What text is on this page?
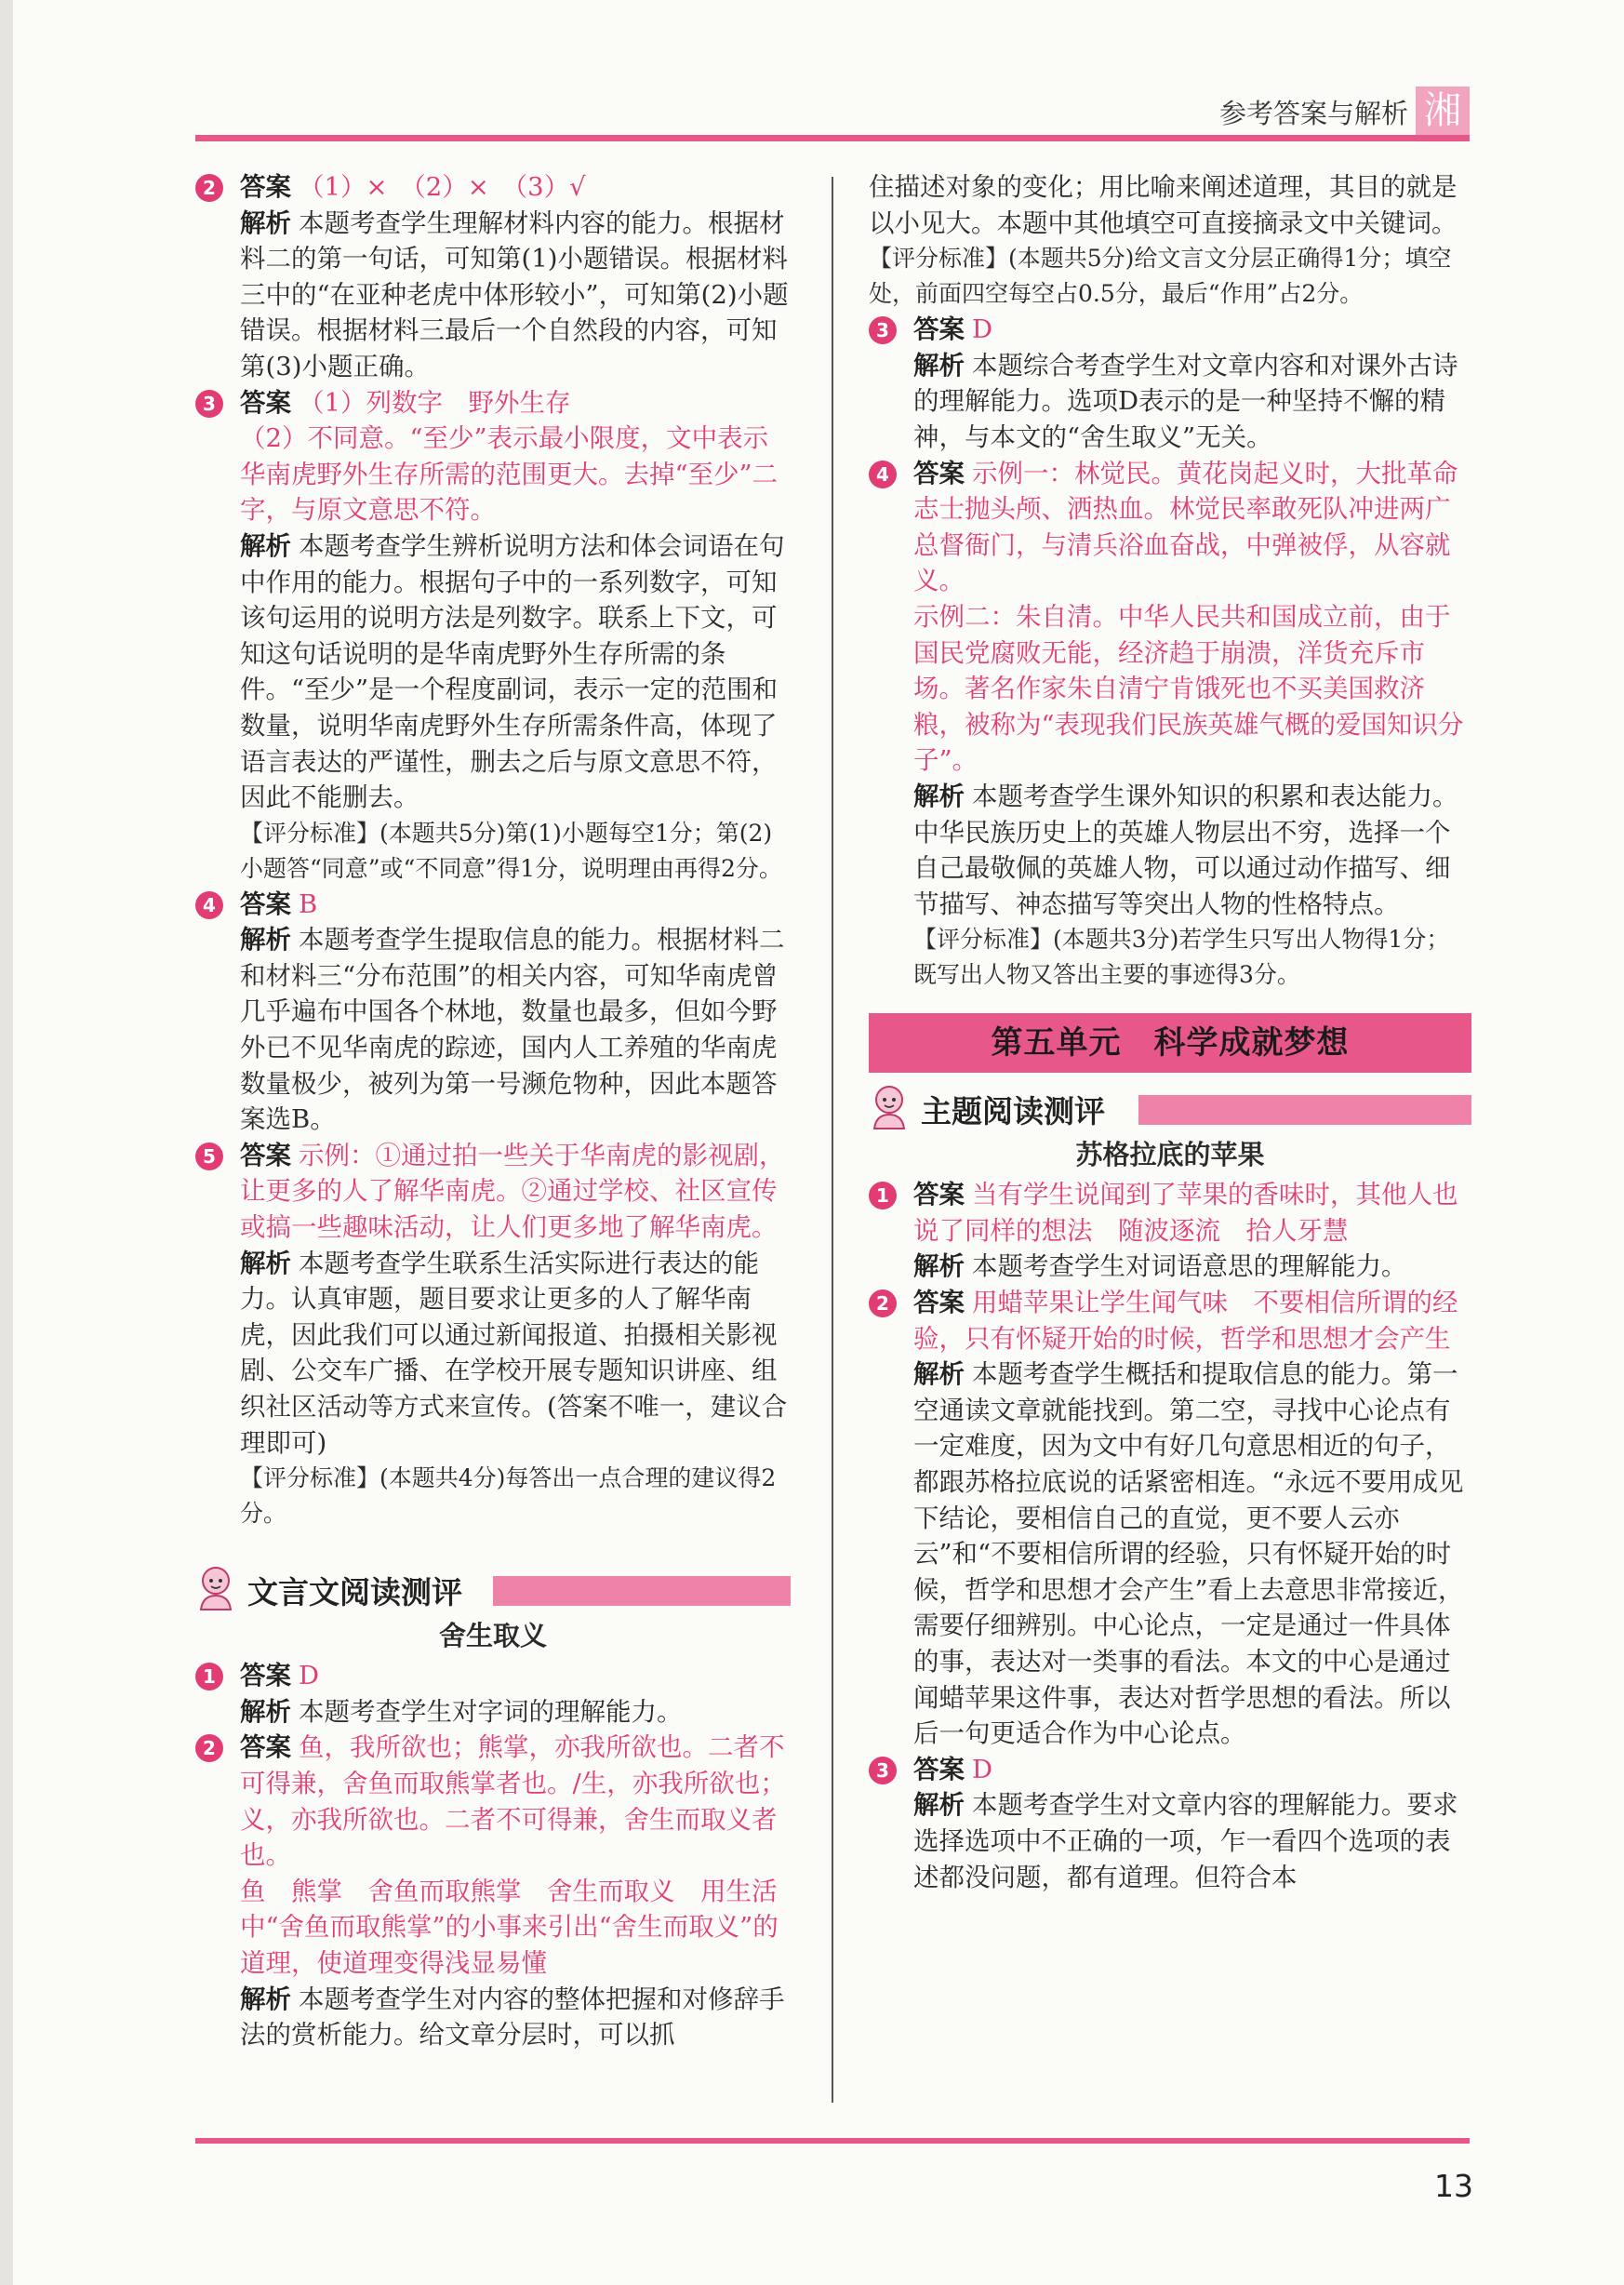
参考答案与解析 湘
2 答案 （1）×　（2）×　（3）√

解析 本题考查学生理解材料内容的能力。根据材料二的第一句话，可知第(1)小题错误。根据材料三中的“在亚种老虎中体形较小”，可知第(2)小题错误。根据材料三最后一个自然段的内容，可知第(3)小题正确。

3 答案 （1）列数字　野外生存

（2）不同意。“至少”表示最小限度，文中表示华南虎野外生存所需的范围更大。去掉“至少”二字，与原文意思不符。

解析 本题考查学生辨析说明方法和体会词语在句中作用的能力。根据句子中的一系列数字，可知该句运用的说明方法是列数字。联系上下文，可知这句话说明的是华南虎野外生存所需的条件。“至少”是一个程度副词，表示一定的范围和数量，说明华南虎野外生存所需条件高，体现了语言表达的严谨性，删去之后与原文意思不符，因此不能删去。

【评分标准】(本题共5分)第(1)小题每空1分；第(2)小题答“同意”或“不同意”得1分，说明理由再得2分。

4 答案 B

解析 本题考查学生提取信息的能力。根据材料二和材料三“分布范围”的相关内容，可知华南虎曾几乎遍布中国各个林地，数量也最多，但如今野外已不见华南虎的踪迹，国内人工养殖的华南虎数量极少，被列为第一号濒危物种，因此本题答案选B。

5 答案 示例：①通过拍一些关于华南虎的影视剧，让更多的人了解华南虎。②通过学校、社区宣传或搞一些趣味活动，让人们更多地了解华南虎。

解析 本题考查学生联系生活实际进行表达的能力。认真审题，题目要求让更多的人了解华南虎，因此我们可以通过新闻报道、拍摄相关影视剧、公交车广播、在学校开展专题知识讲座、组织社区活动等方式来宣传。(答案不唯一，建议合理即可)

【评分标准】(本题共4分)每答出一点合理的建议得2分。

文言文阅读测评
舍生取义
1 答案 D

解析 本题考查学生对字词的理解能力。

2 答案 鱼，我所欲也；熊掌，亦我所欲也。二者不可得兼，舍鱼而取熊掌者也。/生，亦我所欲也；义，亦我所欲也。二者不可得兼，舍生而取义者也。

鱼　熊掌　舍鱼而取熊掌　舍生而取义　用生活中“舍鱼而取熊掌”的小事来引出“舍生而取义”的道理，使道理变得浅显易懂

解析 本题考查学生对内容的整体把握和对修辞手法的赏析能力。给文章分层时，可以抓

住描述对象的变化；用比喻来阐述道理，其目的就是以小见大。本题中其他填空可直接摘录文中关键词。

【评分标准】(本题共5分)给文言文分层正确得1分；填空处，前面四空每空占0.5分，最后“作用”占2分。

3 答案 D

解析 本题综合考查学生对文章内容和对课外古诗的理解能力。选项D表示的是一种坚持不懈的精神，与本文的“舍生取义”无关。

4 答案 示例一：林觉民。黄花岗起义时，大批革命志士抛头颅、洒热血。林觉民率敢死队冲进两广总督衙门，与清兵浴血奋战，中弹被俘，从容就义。

示例二：朱自清。中华人民共和国成立前，由于国民党腐败无能，经济趋于崩溃，洋货充斥市场。著名作家朱自清宁肯饿死也不买美国救济粮，被称为“表现我们民族英雄气概的爱国知识分子”。

解析 本题考查学生课外知识的积累和表达能力。中华民族历史上的英雄人物层出不穷，选择一个自己最敬佩的英雄人物，可以通过动作描写、细节描写、神态描写等突出人物的性格特点。

【评分标准】(本题共3分)若学生只写出人物得1分；既写出人物又答出主要的事迹得3分。

第五单元　科学成就梦想
主题阅读测评
苏格拉底的苹果
1 答案 当有学生说闻到了苹果的香味时，其他人也说了同样的想法　随波逐流　拾人牙慧

解析 本题考查学生对词语意思的理解能力。

2 答案 用蜡苹果让学生闻气味　不要相信所谓的经验，只有怀疑开始的时候，哲学和思想才会产生

解析 本题考查学生概括和提取信息的能力。第一空通读文章就能找到。第二空，寻找中心论点有一定难度，因为文中有好几句意思相近的句子，都跟苏格拉底说的话紧密相连。“永远不要用成见下结论，要相信自己的直觉，更不要人云亦云”和“不要相信所谓的经验，只有怀疑开始的时候，哲学和思想才会产生”看上去意思非常接近，需要仔细辨别。中心论点，一定是通过一件具体的事，表达对一类事的看法。本文的中心是通过闻蜡苹果这件事，表达对哲学思想的看法。所以后一句更适合作为中心论点。

3 答案 D

解析 本题考查学生对文章内容的理解能力。要求选择选项中不正确的一项，乍一看四个选项的表述都没问题，都有道理。但符合本

13
